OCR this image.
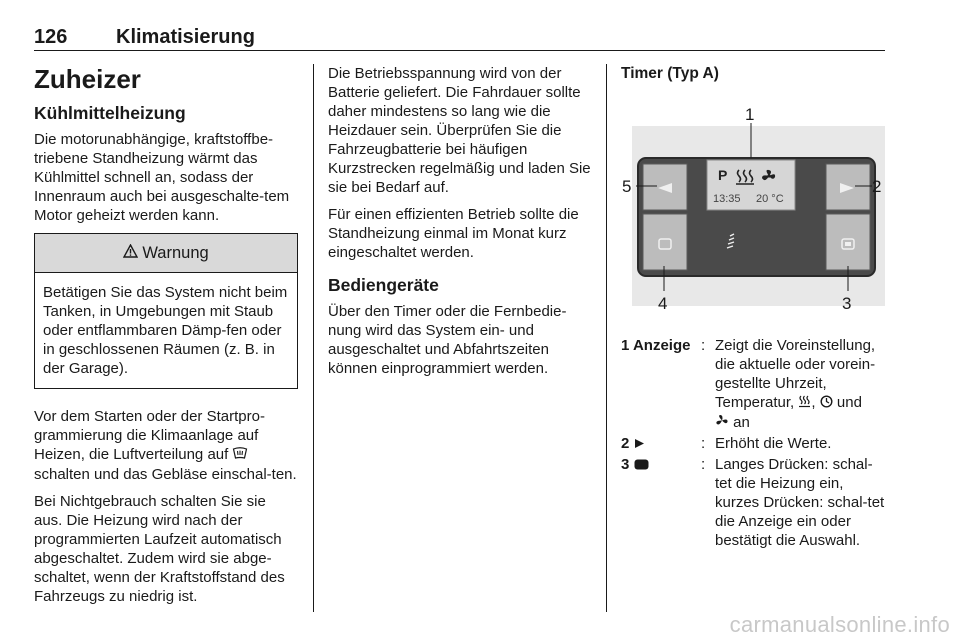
126 Klimatisierung
Zuheizer
Kühlmittelheizung

Die motorunabhängige, kraftstoffbe-triebene Standheizung wärmt das Kühlmittel schnell an, sodass der Innenraum auch bei ausgeschalte-tem Motor geheizt werden kann.

Warnung
Betätigen Sie das System nicht beim Tanken, in Umgebungen mit Staub oder entflammbaren Dämp-fen oder in geschlossenen Räumen (z. B. in der Garage).

Vor dem Starten oder der Startpro-grammierung die Klimaanlage auf Heizen, die Luftverteilung auf  schalten und das Gebläse einschal-ten.

Bei Nichtgebrauch schalten Sie sie aus. Die Heizung wird nach der programmierten Laufzeit automatisch abgeschaltet. Zudem wird sie abge-schaltet, wenn der Kraftstoffstand des Fahrzeugs zu niedrig ist.

Die Betriebsspannung wird von der Batterie geliefert. Die Fahrdauer sollte daher mindestens so lang wie die Heizdauer sein. Überprüfen Sie die Fahrzeugbatterie bei häufigen Kurzstrecken regelmäßig und laden Sie sie bei Bedarf auf.

Für einen effizienten Betrieb sollte die Standheizung einmal im Monat kurz eingeschaltet werden.

Bediengeräte

Über den Timer oder die Fernbedie-nung wird das System ein- und ausgeschaltet und Abfahrtszeiten können einprogrammiert werden.

Timer (Typ A)
P
13:35 20 °C
1
2
3
4
5
1 Anzeige : Zeigt die Voreinstellung, die aktuelle oder vorein-gestellte Uhrzeit, Temperatur, , und
an
2	: Erhöht die Werte.
3	: Langes Drücken: schal-tet die Heizung ein, kurzes Drücken: schal-tet die Anzeige ein oder bestätigt die Auswahl.
carmanualsonline.info
